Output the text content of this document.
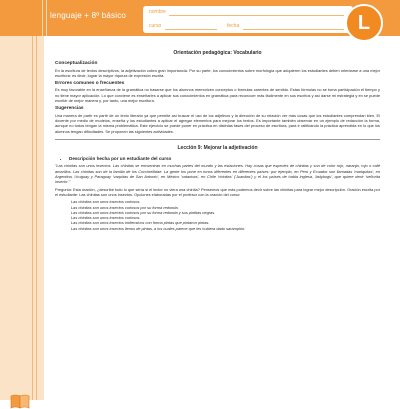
lenguaje + 8º básico	nombre
curso	fecha	L
Orientación pedagógica: Vocabulario
Conceptualización

En la escritura de textos descriptivos, la adjetivación cobra gran importancia. Por su parte, los conocimientos sobre morfología que adquieren los estudiantes deben orientarse a una mejor escritura: es decir, lograr la mayor riqueza de expresión escrita.

Errores comunes o frecuentes

Es muy favorable en la enseñanza de la gramática no basarse que los alumnos memoricen conceptos o fórmulas carentes de sentido. Estas fórmulas no se toma participación el tiempo y no tiene mayor aplicación. Lo que conviene es enseñarles a aplicar sus conocimientos en gramática para reconocer más fácilmente en sus escritos y así darse mi estrategia y en se puede escribir de mejor manera y, por tanto, una mejor escritura.

Sugerencias

Una manera de partir es partir de un texto literario ya que permite así buscar el uso de los adjetivos y la dirección de su relación ver más cosas que los estudiantes comprendan bien. El docente por medio de modelos, enseña y los estudiantes a aplicar el agregar elementos para mejorar los textos. Es importante también observar en un ejemplo de redacción la forma, aunque no todos tengan la misma problemática. Este ejercicio se puede poner en práctica en distintas fases del proceso de escritura, para ir ratificando la práctica aprendida en lo que los alumnos tengan dificultades. Se proponen las siguientes actividades.

Lección 9: Mejorar la adjetivación
• Descripción hecha por un estudiante del curso

"Las chinitas son unos insectos. Las chinitas se encuentran en muchas partes del mundo y las estaciones. Hay cosas que especies de chinitas y son de color rojo, naranja, rojo o café amarillos. Las chinitas son de la familia de los Coccinellidae. La gente los pone en tonos diferentes en diferentes países: por ejemplo, en Perú y Ecuador son llamadas 'mariquitas', en Argentina, Uruguay y Paraguay 'vaquitas de San Antonio', en México 'catarinas', en Chile 'chinitas' ('Juanitas') y el los países de habla inglesa, 'ladybugs', que quiere decir 'señorita insecto'."

Pregunta: Esta oración, ¿describe todo lo que sería si el lector no viera una chinita? Pensemos que más podemos decir sobre las chinitas para lograr mejor descripción. Oración escrita por el estudiante: Las chinitas son unos insectos. Opciones elaboradas por el profesor con la oración del curso:

Las chinitas son unos insectos curiosos.
Las chinitas son unos insectos curiosos por su forma redonda.
Las chinitas son unos insectos curiosos por su forma redonda y sus pintitas negras.
Las chinitas son unos insectos curiosos.
Las chinitas son unos insectos inofensivos con forma pintas que pintaron pintas.
Las chinitas son unos insectos llenos de pintas, a los cuales parece que les hubiera dado sarampión.
